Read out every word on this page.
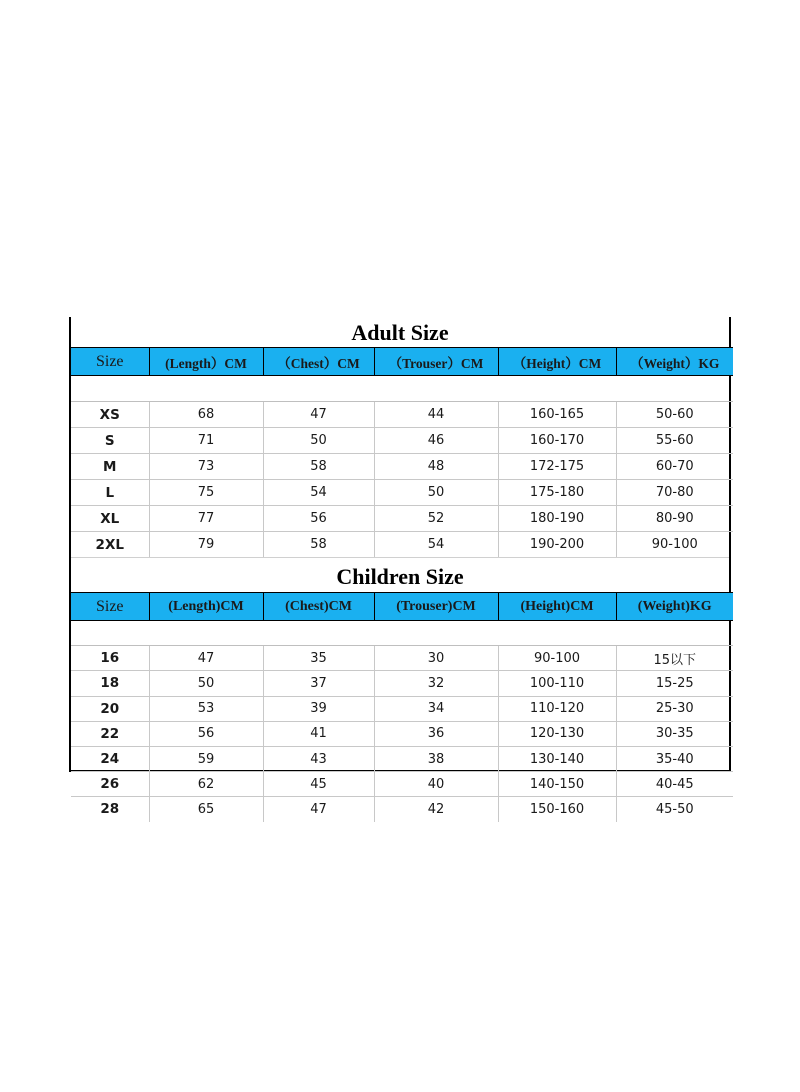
Adult Size
Size	(Length）CM	（Chest）CM	（Trouser）CM	（Height）CM	（Weight）KG

XS	68	47	44	160-165	50-60
S	71	50	46	160-170	55-60
M	73	58	48	172-175	60-70
L	75	54	50	175-180	70-80
XL	77	56	52	180-190	80-90
2XL	79	58	54	190-200	90-100
Children Size
Size	(Length)CM	(Chest)CM	(Trouser)CM	(Height)CM	(Weight)KG

16	47	35	30	90-100	15以下
18	50	37	32	100-110	15-25
20	53	39	34	110-120	25-30
22	56	41	36	120-130	30-35
24	59	43	38	130-140	35-40
26	62	45	40	140-150	40-45
28	65	47	42	150-160	45-50
